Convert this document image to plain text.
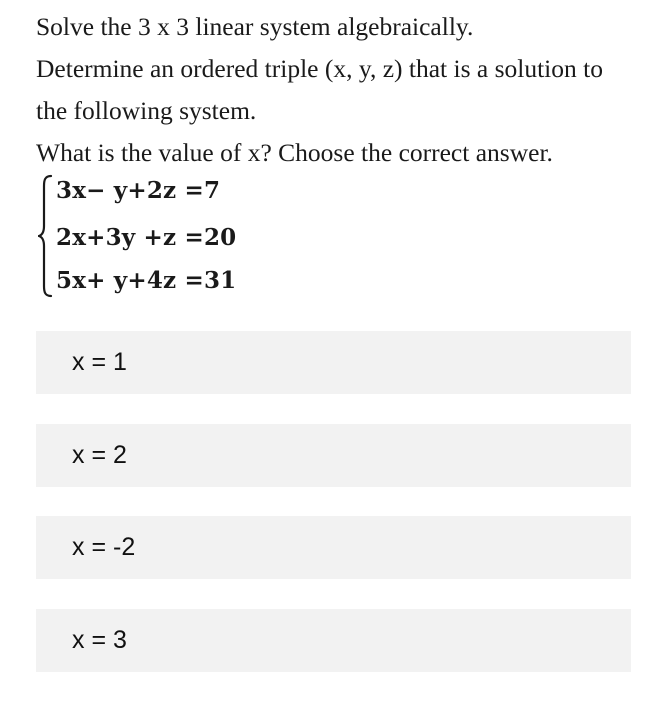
Solve the 3 x 3 linear system algebraically.
Determine an ordered triple (x, y, z) that is a solution to
the following system.
What is the value of x? Choose the correct answer.
3x− y+2z =7
2x+3y +z =20
5x+ y+4z =31
x = 1
x = 2
x = -2
x = 3
